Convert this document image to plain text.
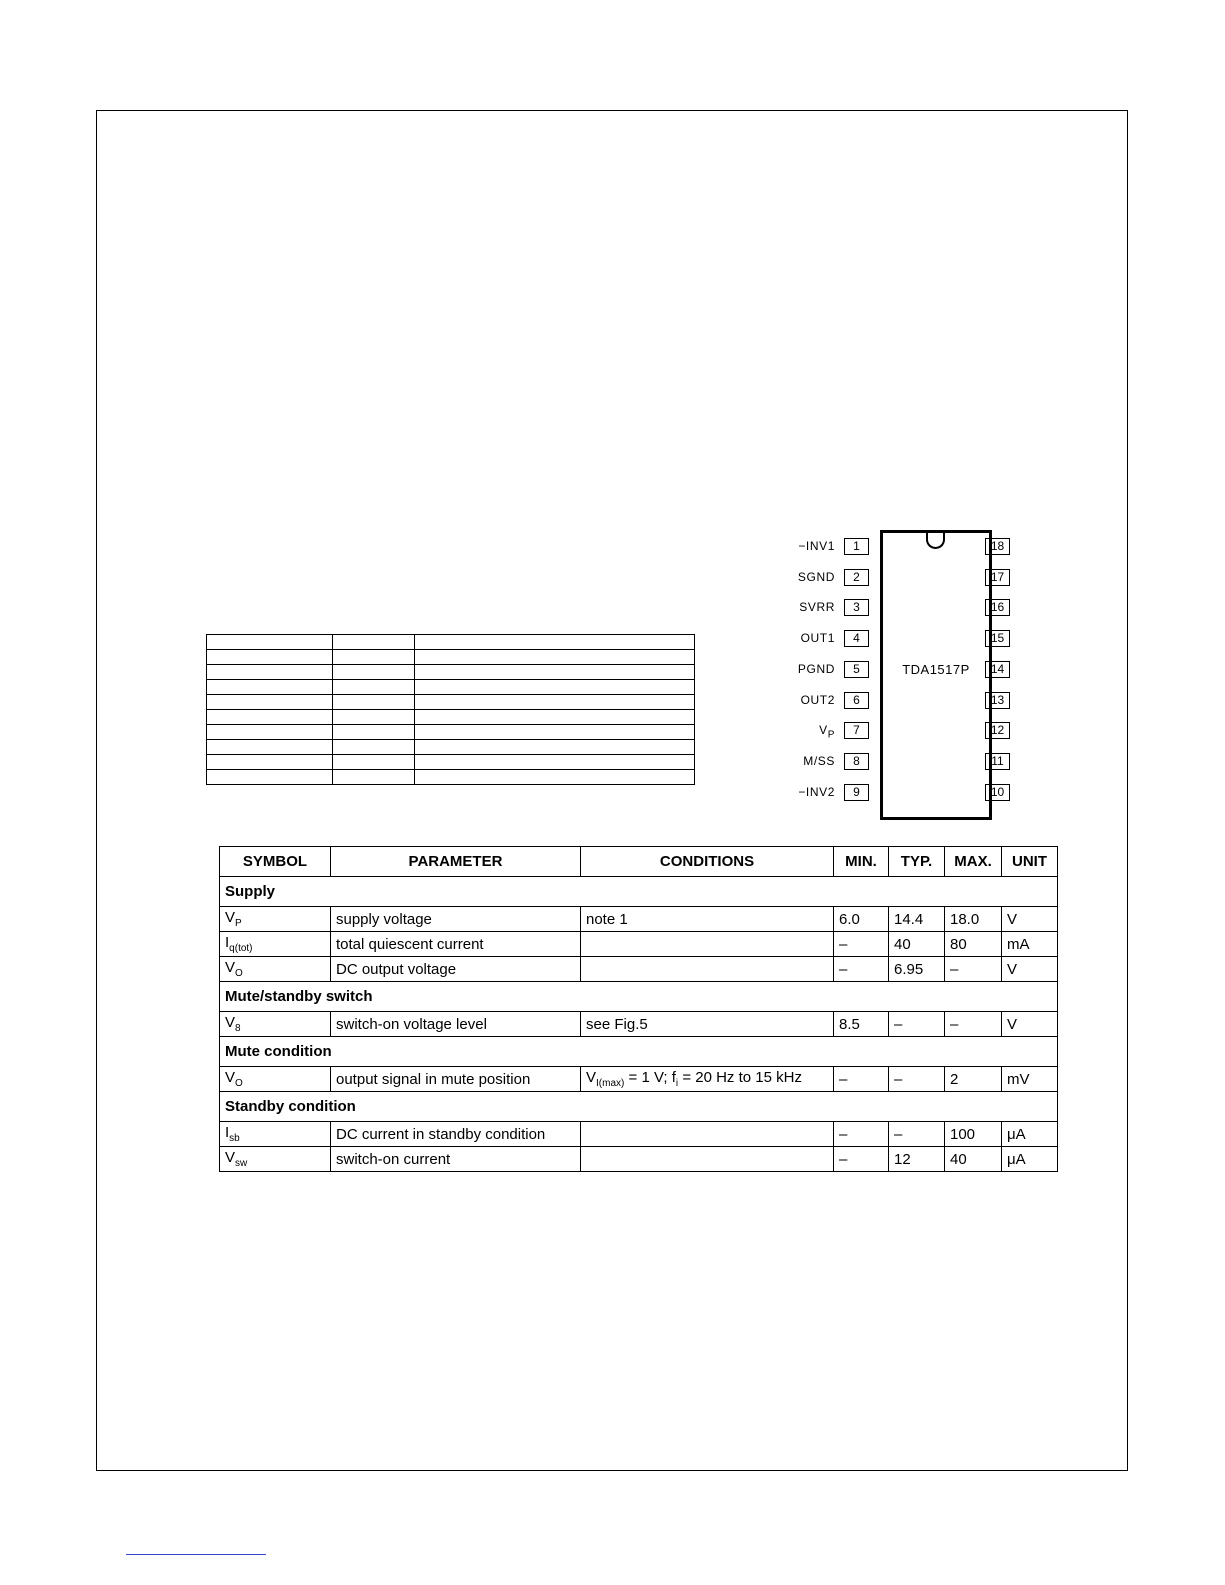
TDA1517P
1
−INV1
2
SGND
3
SVRR
4
OUT1
5
PGND
6
OUT2
7
$V_P$
8
M/SS
9
−INV2
18
17
16
15
14
13
12
11
10
SYMBOL	PARAMETER	CONDITIONS	MIN.	TYP.	MAX.	UNIT
Supply						
$V_P$	supply voltage	note 1	6.0	14.4	18.0	V
$I_{q(tot)}$	total quiescent current		–	40	80	mA
$V_O$	DC output voltage		–	6.95	–	V
Mute/standby switch						
$V_8$	switch-on voltage level	see Fig.5	8.5	–	–	V
Mute condition						
$V_O$	output signal in mute position	$V_{I(max)} = 1$ V; $f_i = 20$ Hz to 15 kHz	–	–	2	mV
Standby condition						
$I_{sb}$	DC current in standby condition		–	–	100	μA
$V_{sw}$	switch-on current		–	12	40	μA
